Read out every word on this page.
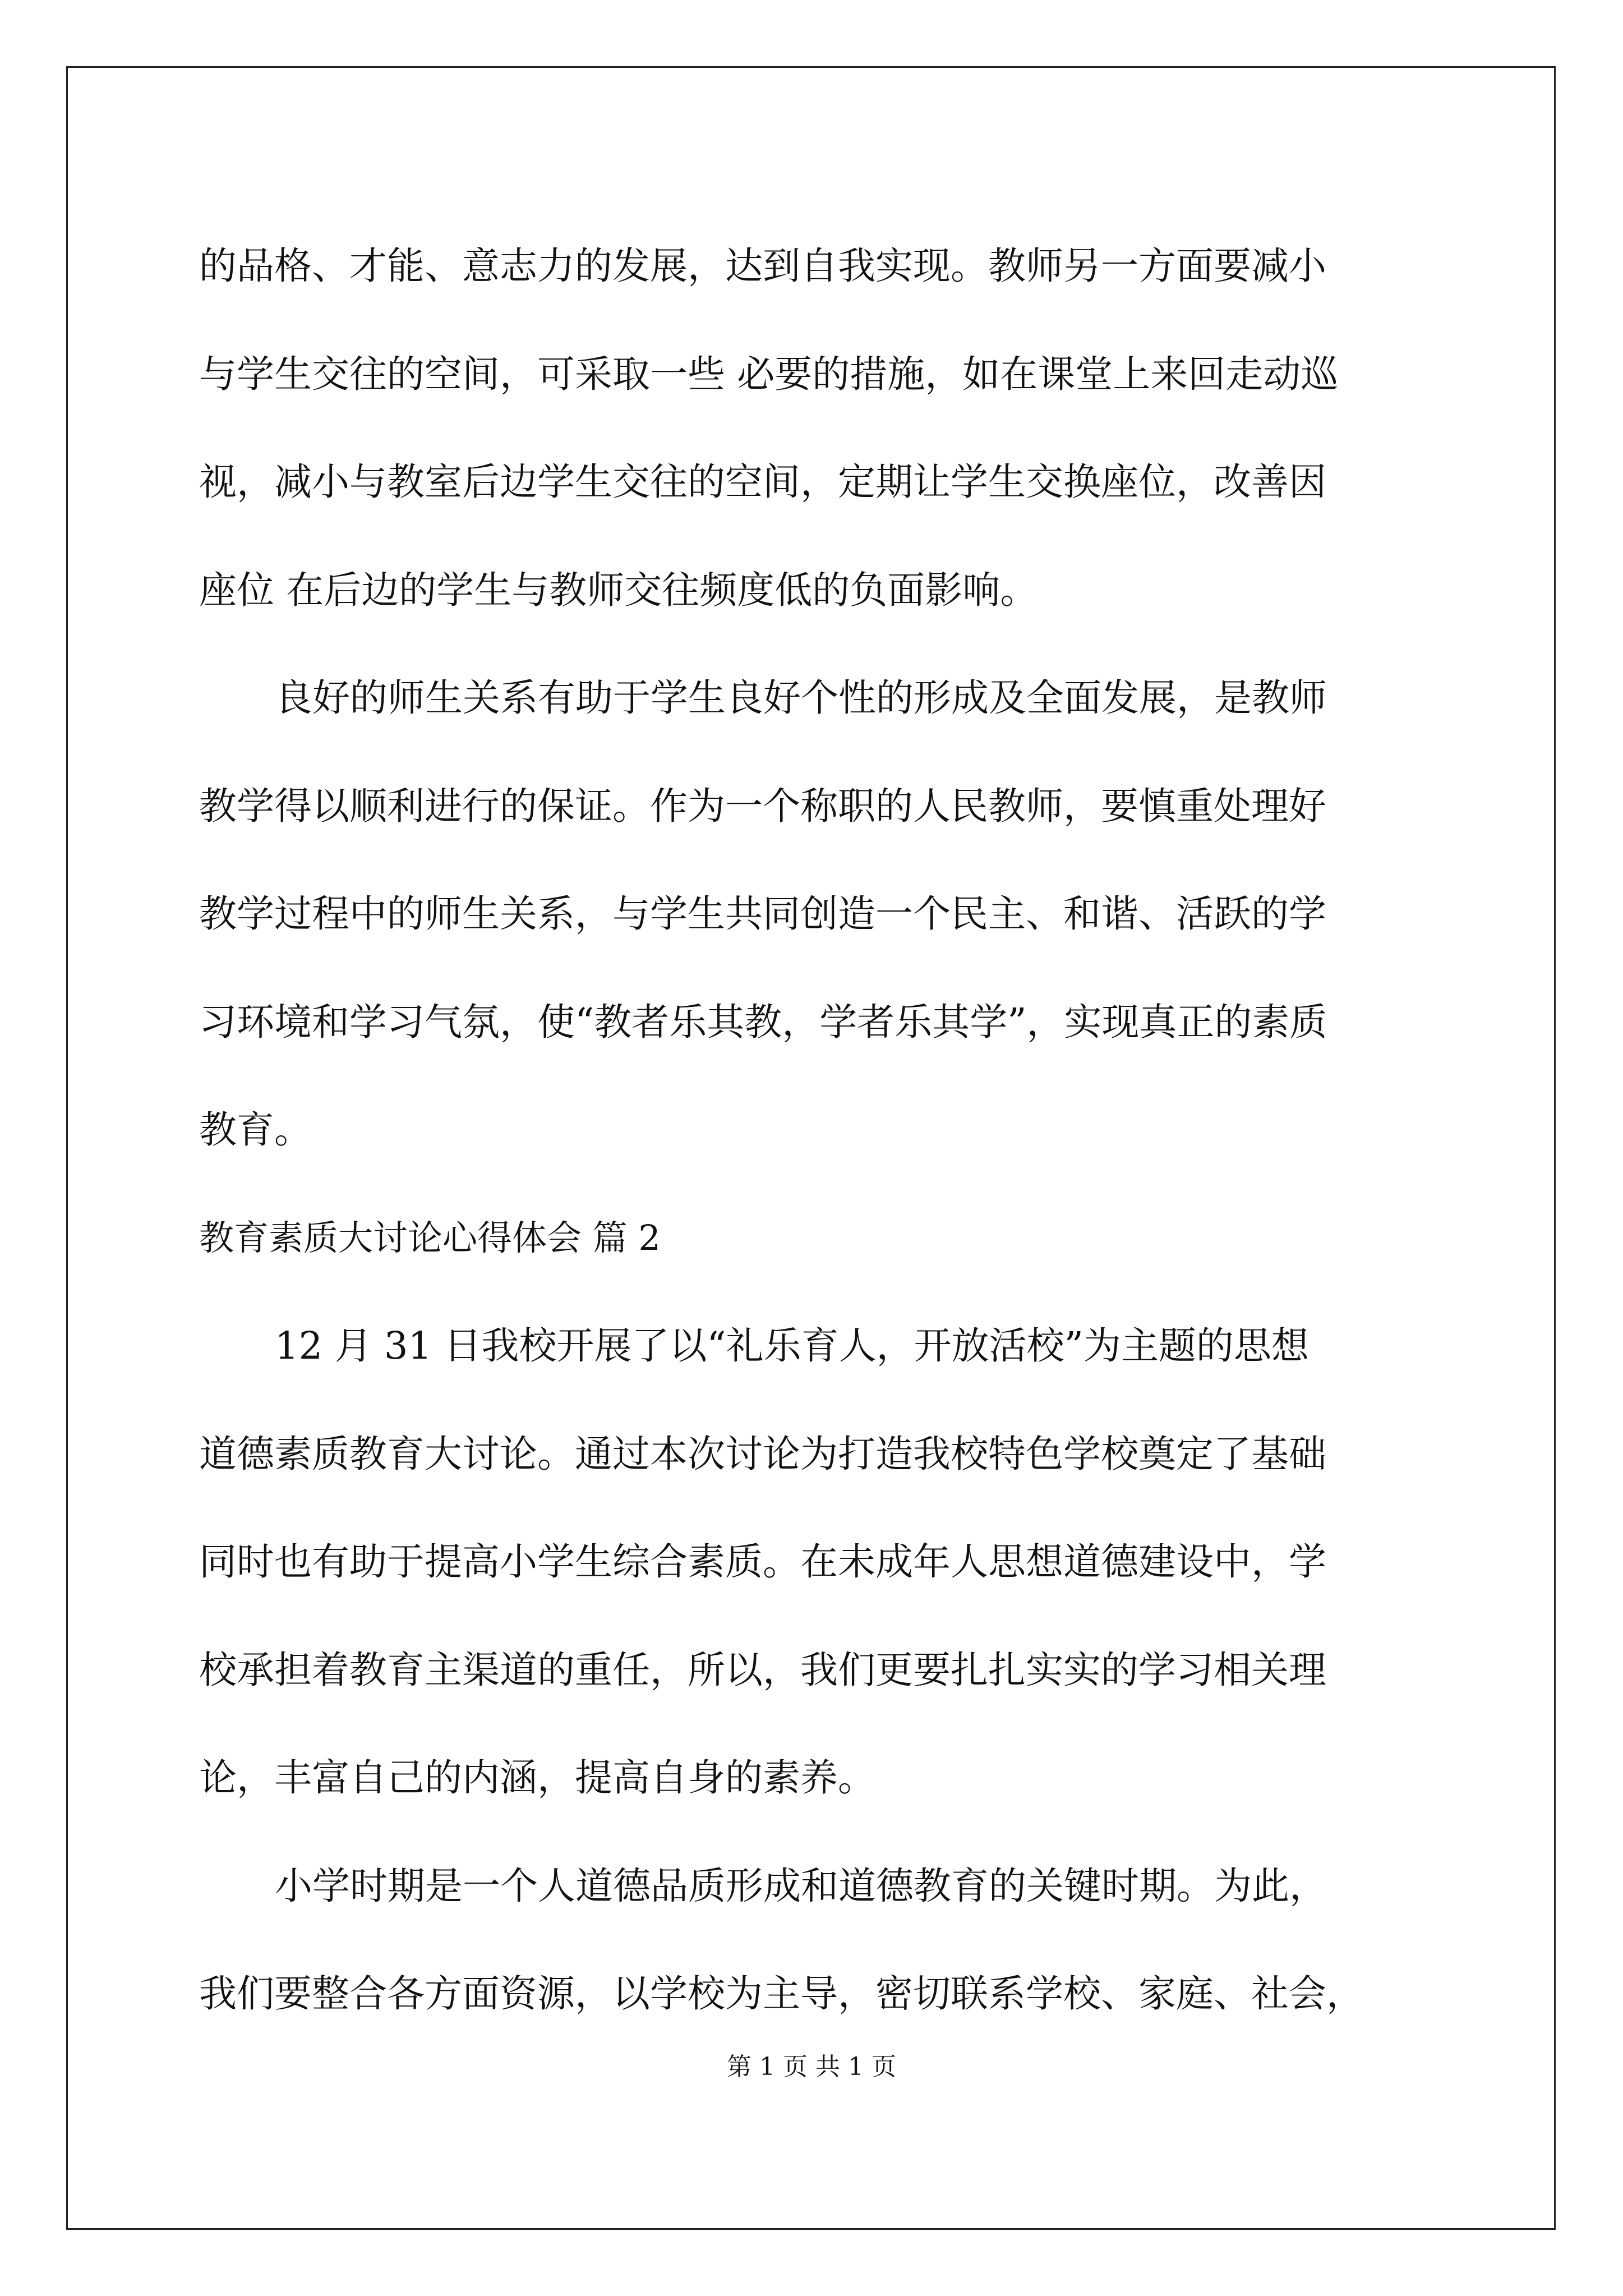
的品格、才能、意志力的发展，达到自我实现。教师另一方面要减小

与学生交往的空间，可采取一些 必要的措施，如在课堂上来回走动巡

视，减小与教室后边学生交往的空间，定期让学生交换座位，改善因

座位 在后边的学生与教师交往频度低的负面影响。

良好的师生关系有助于学生良好个性的形成及全面发展，是教师

教学得以顺利进行的保证。作为一个称职的人民教师，要慎重处理好

教学过程中的师生关系，与学生共同创造一个民主、和谐、活跃的学

习环境和学习气氛，使“教者乐其教，学者乐其学”，实现真正的素质

教育。

教育素质大讨论心得体会 篇 2

12 月 31 日我校开展了以“礼乐育人，开放活校”为主题的思想

道德素质教育大讨论。通过本次讨论为打造我校特色学校奠定了基础

同时也有助于提高小学生综合素质。在未成年人思想道德建设中，学

校承担着教育主渠道的重任，所以，我们更要扎扎实实的学习相关理

论，丰富自己的内涵，提高自身的素养。

小学时期是一个人道德品质形成和道德教育的关键时期。为此，

我们要整合各方面资源，以学校为主导，密切联系学校、家庭、社会，

第 1 页 共 1 页
